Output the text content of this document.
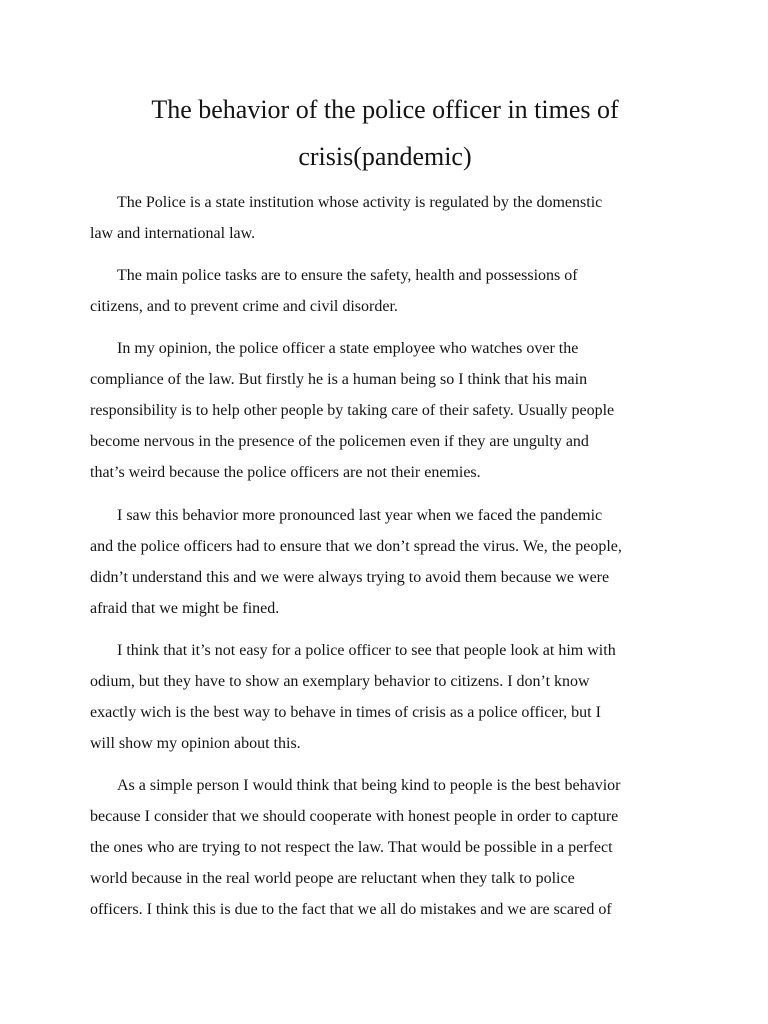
The behavior of the police officer in times of
crisis(pandemic)

The Police is a state institution whose activity is regulated by the domenstic
law and international law.

The main police tasks are to ensure the safety, health and possessions of
citizens, and to prevent crime and civil disorder.

In my opinion, the police officer a state employee who watches over the
compliance of the law. But firstly he is a human being so I think that his main
responsibility is to help other people by taking care of their safety. Usually people
become nervous in the presence of the policemen even if they are ungulty and
that’s weird because the police officers are not their enemies.

I saw this behavior more pronounced last year when we faced the pandemic
and the police officers had to ensure that we don’t spread the virus. We, the people,
didn’t understand this and we were always trying to avoid them because we were
afraid that we might be fined.

I think that it’s not easy for a police officer to see that people look at him with
odium, but they have to show an exemplary behavior to citizens. I don’t know
exactly wich is the best way to behave in times of crisis as a police officer, but I
will show my opinion about this.

As a simple person I would think that being kind to people is the best behavior
because I consider that we should cooperate with honest people in order to capture
the ones who are trying to not respect the law. That would be possible in a perfect
world because in the real world peope are reluctant when they talk to police
officers. I think this is due to the fact that we all do mistakes and we are scared of
